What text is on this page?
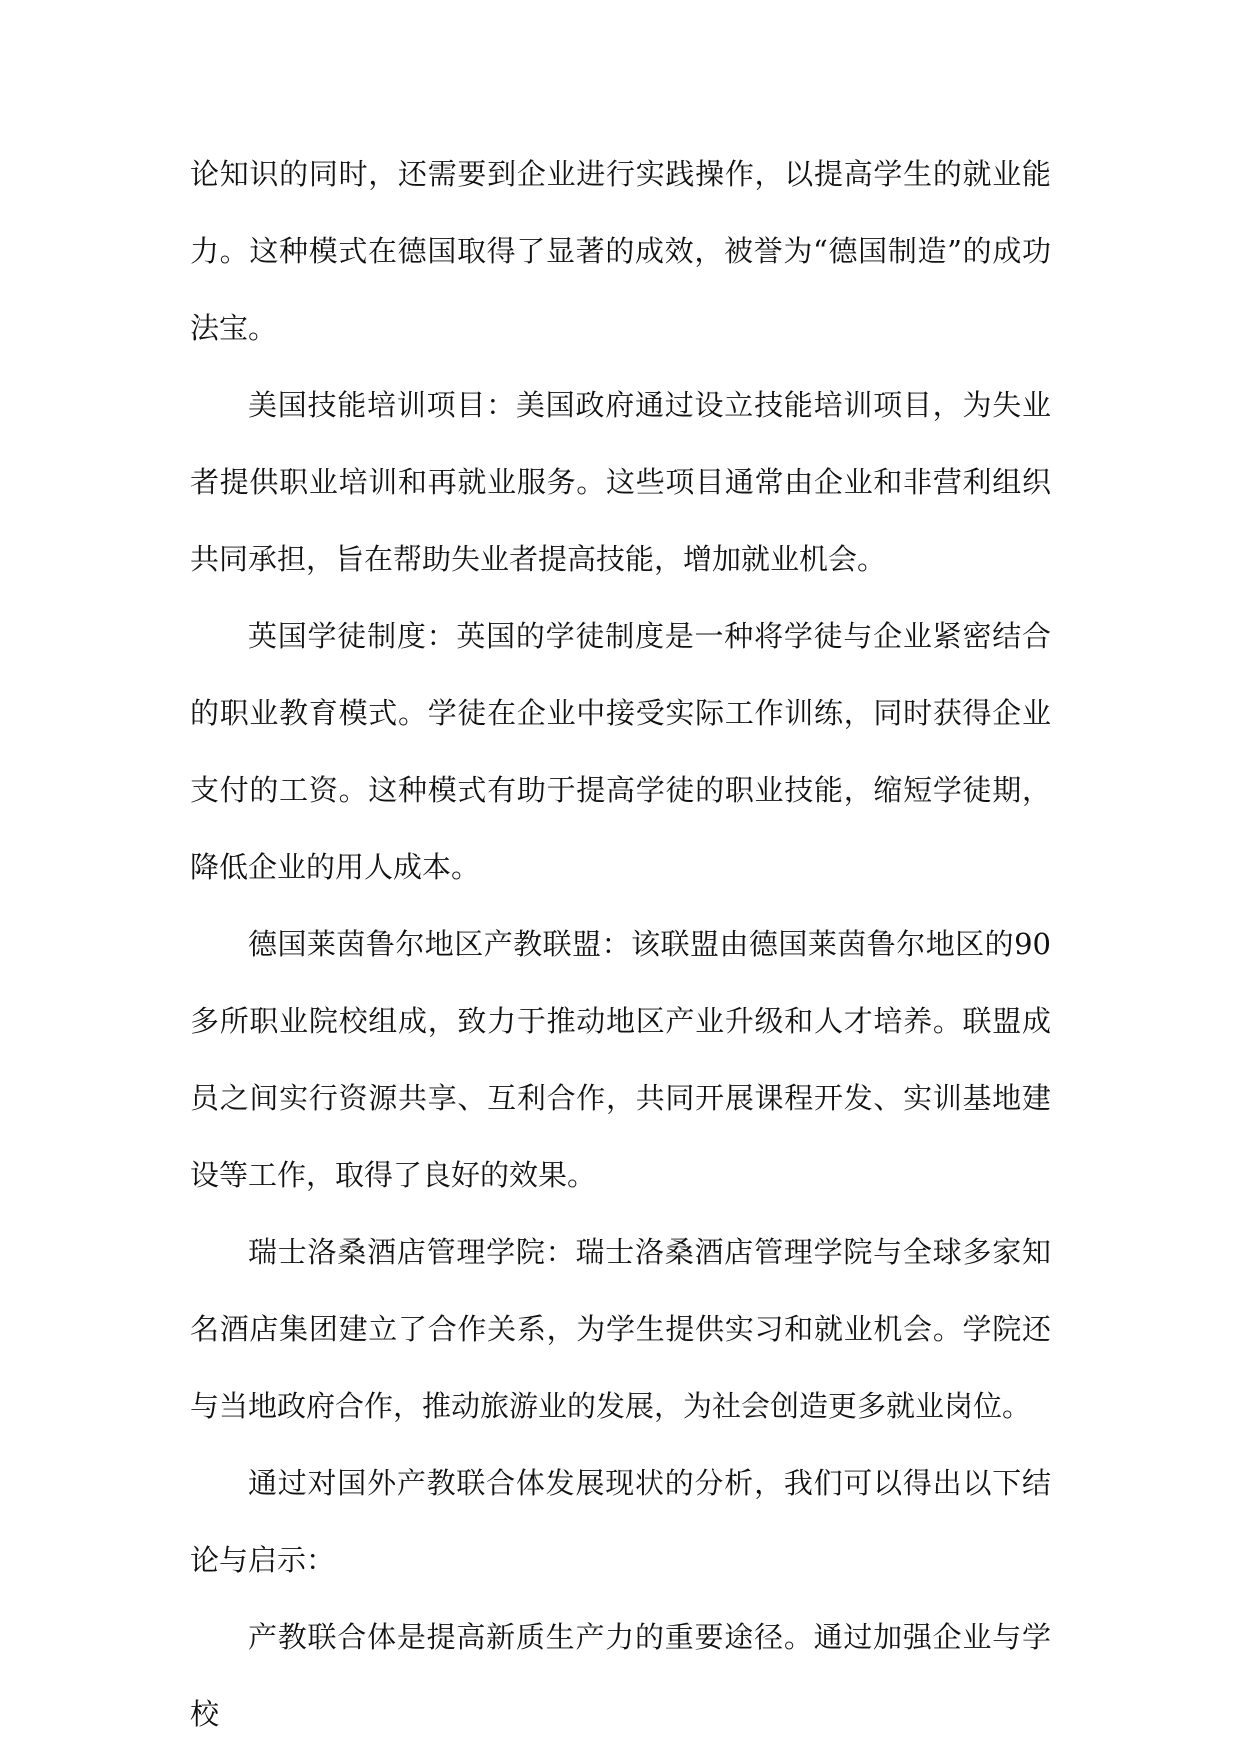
论知识的同时，还需要到企业进行实践操作，以提高学生的就业能力。这种模式在德国取得了显著的成效，被誉为“德国制造”的成功法宝。

美国技能培训项目：美国政府通过设立技能培训项目，为失业者提供职业培训和再就业服务。这些项目通常由企业和非营利组织共同承担，旨在帮助失业者提高技能，增加就业机会。

英国学徒制度：英国的学徒制度是一种将学徒与企业紧密结合的职业教育模式。学徒在企业中接受实际工作训练，同时获得企业支付的工资。这种模式有助于提高学徒的职业技能，缩短学徒期，降低企业的用人成本。

德国莱茵鲁尔地区产教联盟：该联盟由德国莱茵鲁尔地区的90多所职业院校组成，致力于推动地区产业升级和人才培养。联盟成员之间实行资源共享、互利合作，共同开展课程开发、实训基地建设等工作，取得了良好的效果。

瑞士洛桑酒店管理学院：瑞士洛桑酒店管理学院与全球多家知名酒店集团建立了合作关系，为学生提供实习和就业机会。学院还与当地政府合作，推动旅游业的发展，为社会创造更多就业岗位。

通过对国外产教联合体发展现状的分析，我们可以得出以下结论与启示：

产教联合体是提高新质生产力的重要途径。通过加强企业与学校
